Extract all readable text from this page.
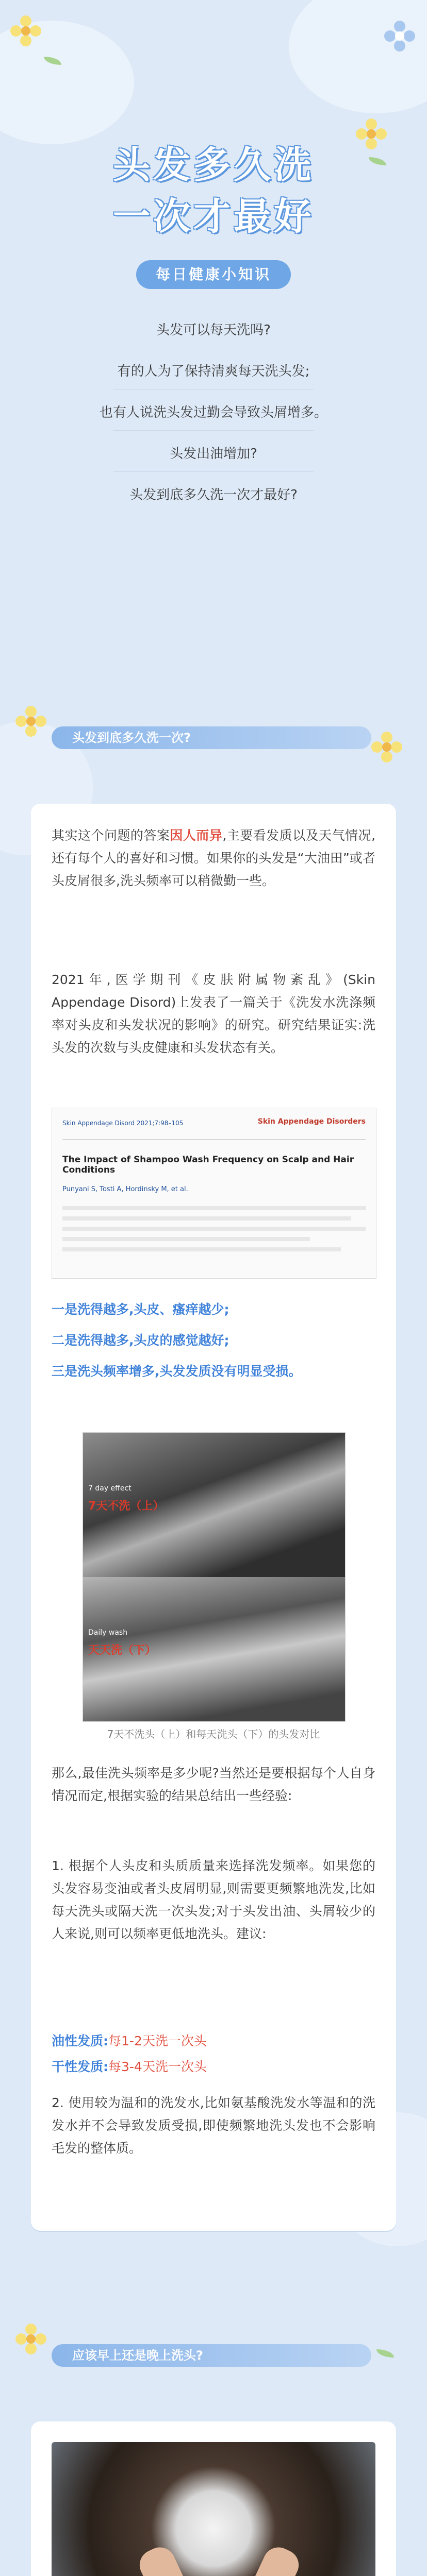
头发多久洗
一次才最好
每日健康小知识
头发可以每天洗吗?
有的人为了保持清爽每天洗头发;
也有人说洗头发过勤会导致头屑增多。
头发出油增加?
头发到底多久洗一次才最好?
头发到底多久洗一次?
其实这个问题的答案因人而异,主要看发质以及天气情况,还有每个人的喜好和习惯。如果你的头发是“大油田”或者头皮屑很多,洗头频率可以稍微勤一些。
2021年,医学期刊《皮肤附属物紊乱》(Skin Appendage Disord)上发表了一篇关于《洗发水洗涤频率对头皮和头发状况的影响》的研究。研究结果证实:洗头发的次数与头皮健康和头发状态有关。
Skin Appendage Disord 2021;7:98–105	Skin Appendage Disorders
The Impact of Shampoo Wash Frequency on Scalp and Hair Conditions
Punyani S, Tosti A, Hordinsky M, et al.
一是洗得越多,头皮、瘙痒越少;
二是洗得越多,头皮的感觉越好;
三是洗头频率增多,头发发质没有明显受损。
7 day effect
7天不洗（上）
Daily wash
天天洗（下）
7天不洗头（上）和每天洗头（下）的头发对比
那么,最佳洗头频率是多少呢?当然还是要根据每个人自身情况而定,根据实验的结果总结出一些经验:
1. 根据个人头皮和头质质量来选择洗发频率。如果您的头发容易变油或者头皮屑明显,则需要更频繁地洗发,比如每天洗头或隔天洗一次头发;对于头发出油、头屑较少的人来说,则可以频率更低地洗头。建议:
油性发质:每1-2天洗一次头
干性发质:每3-4天洗一次头
2. 使用较为温和的洗发水,比如氨基酸洗发水等温和的洗发水并不会导致发质受损,即使频繁地洗头发也不会影响毛发的整体质。
应该早上还是晚上洗头?
